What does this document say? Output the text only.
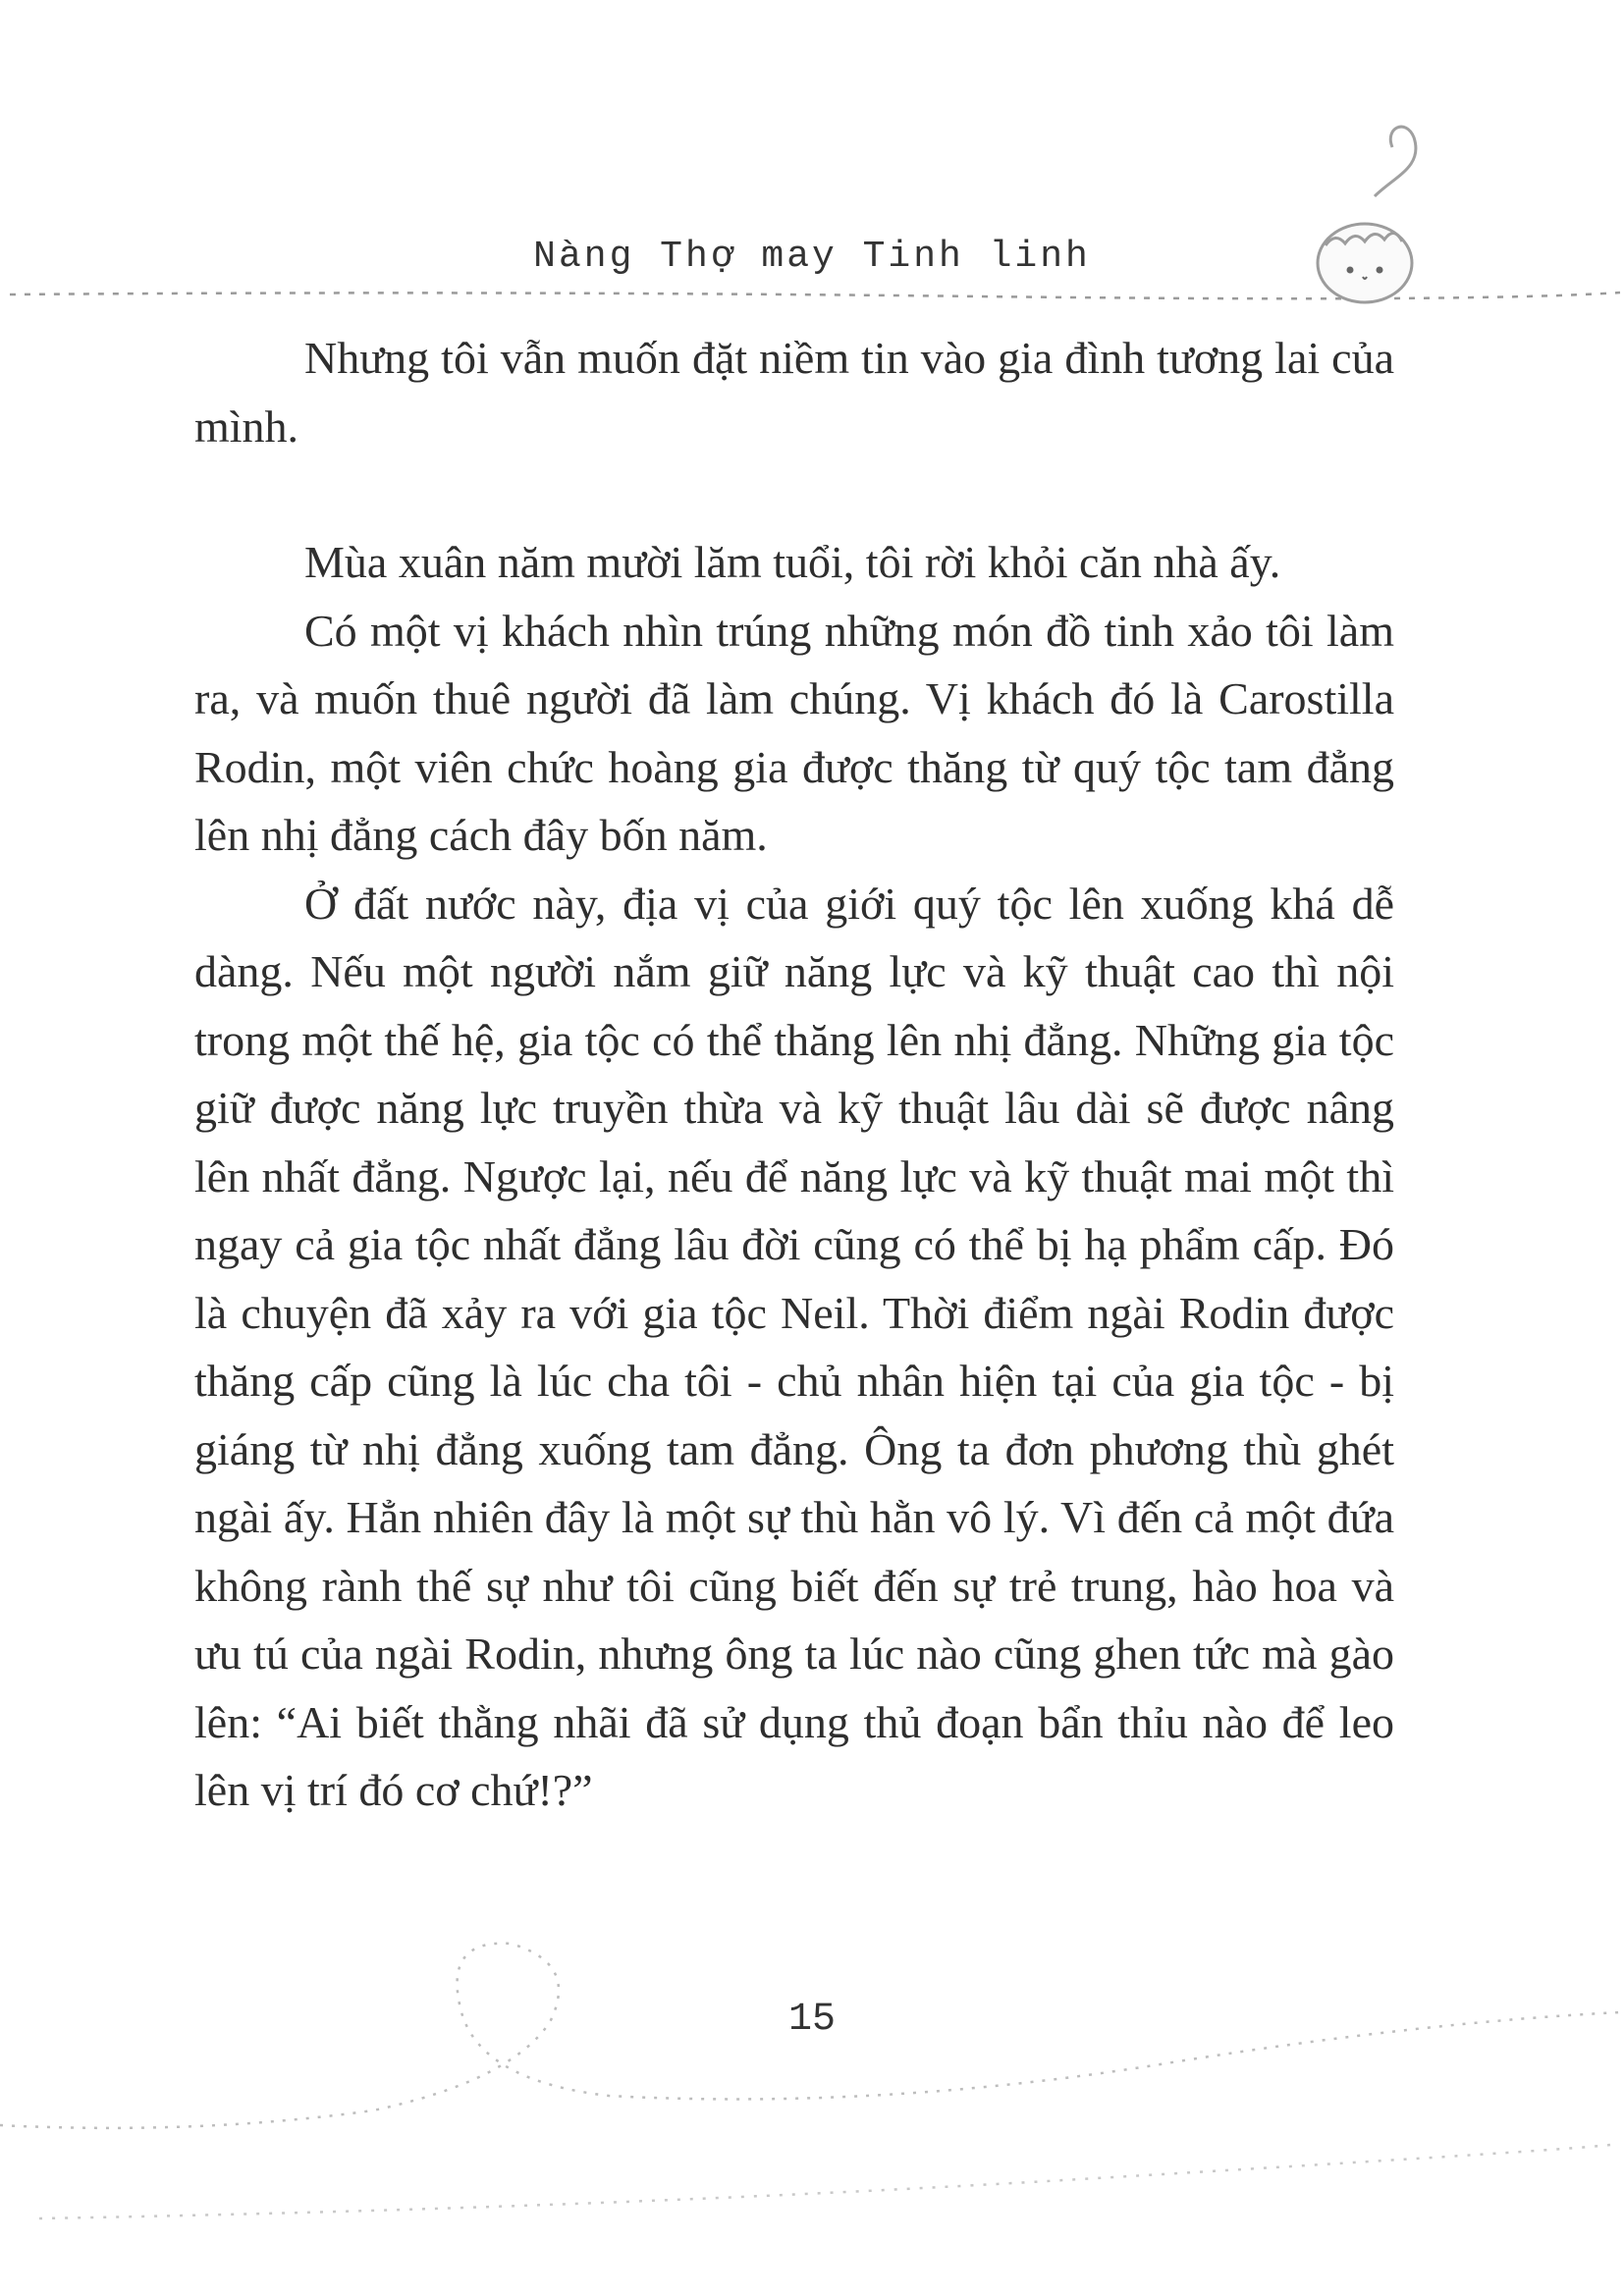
Nàng Thợ may Tinh linh

Nhưng tôi vẫn muốn đặt niềm tin vào gia đình tương lai của mình.

Mùa xuân năm mười lăm tuổi, tôi rời khỏi căn nhà ấy.

Có một vị khách nhìn trúng những món đồ tinh xảo tôi làm ra, và muốn thuê người đã làm chúng. Vị khách đó là Carostilla Rodin, một viên chức hoàng gia được thăng từ quý tộc tam đẳng lên nhị đẳng cách đây bốn năm.

Ở đất nước này, địa vị của giới quý tộc lên xuống khá dễ dàng. Nếu một người nắm giữ năng lực và kỹ thuật cao thì nội trong một thế hệ, gia tộc có thể thăng lên nhị đẳng. Những gia tộc giữ được năng lực truyền thừa và kỹ thuật lâu dài sẽ được nâng lên nhất đẳng. Ngược lại, nếu để năng lực và kỹ thuật mai một thì ngay cả gia tộc nhất đẳng lâu đời cũng có thể bị hạ phẩm cấp. Đó là chuyện đã xảy ra với gia tộc Neil. Thời điểm ngài Rodin được thăng cấp cũng là lúc cha tôi - chủ nhân hiện tại của gia tộc - bị giáng từ nhị đẳng xuống tam đẳng. Ông ta đơn phương thù ghét ngài ấy. Hẳn nhiên đây là một sự thù hằn vô lý. Vì đến cả một đứa không rành thế sự như tôi cũng biết đến sự trẻ trung, hào hoa và ưu tú của ngài Rodin, nhưng ông ta lúc nào cũng ghen tức mà gào lên: “Ai biết thằng nhãi đã sử dụng thủ đoạn bẩn thỉu nào để leo lên vị trí đó cơ chứ!?”

15
